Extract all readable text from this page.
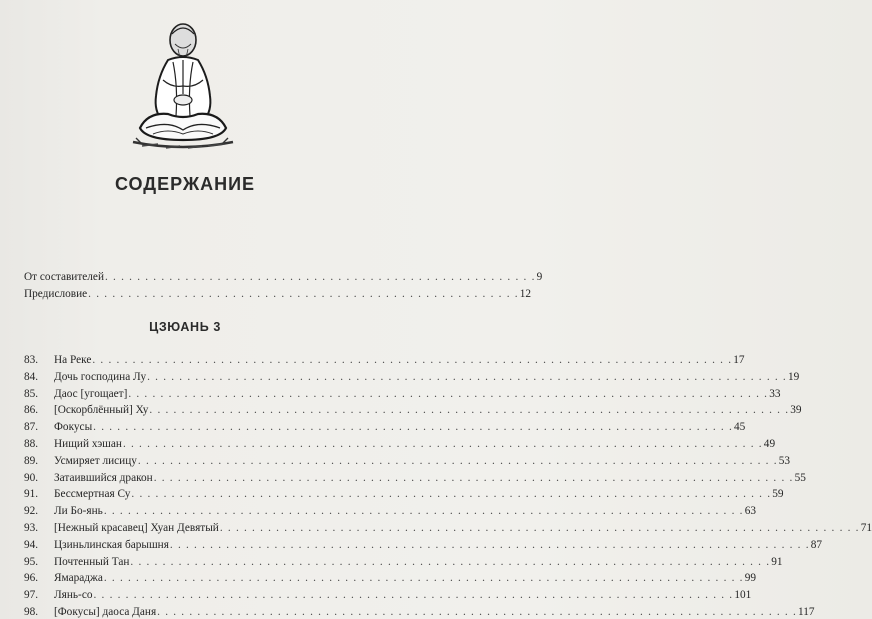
СОДЕРЖАНИЕ
От составителей . . . . . . . . . . . . . . . . . . . . . . . . . . . . . . . . . . . . . . . . . . . . . . . . . . . . . . 9
Предисловие . . . . . . . . . . . . . . . . . . . . . . . . . . . . . . . . . . . . . . . . . . . . . . . . . . . . . . 12
ЦЗЮАНЬ 3
83.	На Реке . . . . . . . . . . . . . . . . . . . . . . . . . . . . . . . . . . . . . . . . . . . . . . . . . . . . . . . . . . . . . . . . . . . . . . . . . . . . . . . . 17
84.	Дочь господина Лу . . . . . . . . . . . . . . . . . . . . . . . . . . . . . . . . . . . . . . . . . . . . . . . . . . . . . . . . . . . . . . . . . . . . . . . . . . . . . . . . 19
85.	Даос [угощает] . . . . . . . . . . . . . . . . . . . . . . . . . . . . . . . . . . . . . . . . . . . . . . . . . . . . . . . . . . . . . . . . . . . . . . . . . . . . . . . . 33
86.	[Оскорблённый] Ху . . . . . . . . . . . . . . . . . . . . . . . . . . . . . . . . . . . . . . . . . . . . . . . . . . . . . . . . . . . . . . . . . . . . . . . . . . . . . . . . 39
87.	Фокусы . . . . . . . . . . . . . . . . . . . . . . . . . . . . . . . . . . . . . . . . . . . . . . . . . . . . . . . . . . . . . . . . . . . . . . . . . . . . . . . . 45
88.	Нищий хэшан . . . . . . . . . . . . . . . . . . . . . . . . . . . . . . . . . . . . . . . . . . . . . . . . . . . . . . . . . . . . . . . . . . . . . . . . . . . . . . . . 49
89.	Усмиряет лисицу . . . . . . . . . . . . . . . . . . . . . . . . . . . . . . . . . . . . . . . . . . . . . . . . . . . . . . . . . . . . . . . . . . . . . . . . . . . . . . . . 53
90.	Затаившийся дракон . . . . . . . . . . . . . . . . . . . . . . . . . . . . . . . . . . . . . . . . . . . . . . . . . . . . . . . . . . . . . . . . . . . . . . . . . . . . . . . . 55
91.	Бессмертная Су . . . . . . . . . . . . . . . . . . . . . . . . . . . . . . . . . . . . . . . . . . . . . . . . . . . . . . . . . . . . . . . . . . . . . . . . . . . . . . . . 59
92.	Ли Бо-янь . . . . . . . . . . . . . . . . . . . . . . . . . . . . . . . . . . . . . . . . . . . . . . . . . . . . . . . . . . . . . . . . . . . . . . . . . . . . . . . . 63
93.	[Нежный красавец] Хуан Девятый . . . . . . . . . . . . . . . . . . . . . . . . . . . . . . . . . . . . . . . . . . . . . . . . . . . . . . . . . . . . . . . . . . . . . . . . . . . . . . . . 71
94.	Цзиньлинская барышня . . . . . . . . . . . . . . . . . . . . . . . . . . . . . . . . . . . . . . . . . . . . . . . . . . . . . . . . . . . . . . . . . . . . . . . . . . . . . . . . 87
95.	Почтенный Тан . . . . . . . . . . . . . . . . . . . . . . . . . . . . . . . . . . . . . . . . . . . . . . . . . . . . . . . . . . . . . . . . . . . . . . . . . . . . . . . . 91
96.	Ямараджа . . . . . . . . . . . . . . . . . . . . . . . . . . . . . . . . . . . . . . . . . . . . . . . . . . . . . . . . . . . . . . . . . . . . . . . . . . . . . . . . 99
97.	Лянь-со . . . . . . . . . . . . . . . . . . . . . . . . . . . . . . . . . . . . . . . . . . . . . . . . . . . . . . . . . . . . . . . . . . . . . . . . . . . . . . . . 101
98.	[Фокусы] даоса Даня . . . . . . . . . . . . . . . . . . . . . . . . . . . . . . . . . . . . . . . . . . . . . . . . . . . . . . . . . . . . . . . . . . . . . . . . . . . . . . . . 117
